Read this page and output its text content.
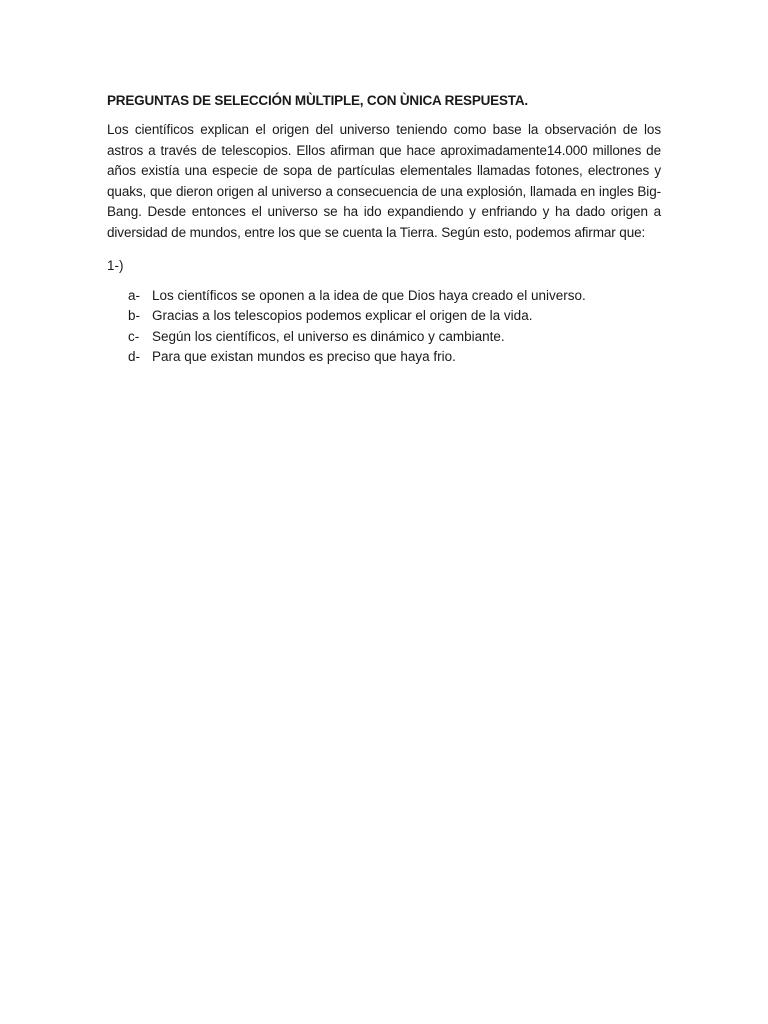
PREGUNTAS DE SELECCIÓN MÙLTIPLE, CON ÙNICA RESPUESTA.

Los científicos explican el origen del universo teniendo como base la observación de los astros a través de telescopios. Ellos afirman que hace aproximadamente14.000 millones de años existía una especie de sopa de partículas elementales llamadas fotones, electrones y quaks, que dieron origen al universo a consecuencia de una explosión, llamada en ingles Big-Bang. Desde entonces el universo se ha ido expandiendo y enfriando y ha dado origen a diversidad de mundos, entre los que se cuenta la Tierra. Según esto, podemos afirmar que:

1-)
a- Los científicos se oponen a la idea de que Dios haya creado el universo.
b- Gracias a los telescopios podemos explicar el origen de la vida.
c- Según los científicos, el universo es dinámico y cambiante.
d- Para que existan mundos es preciso que haya frio.
